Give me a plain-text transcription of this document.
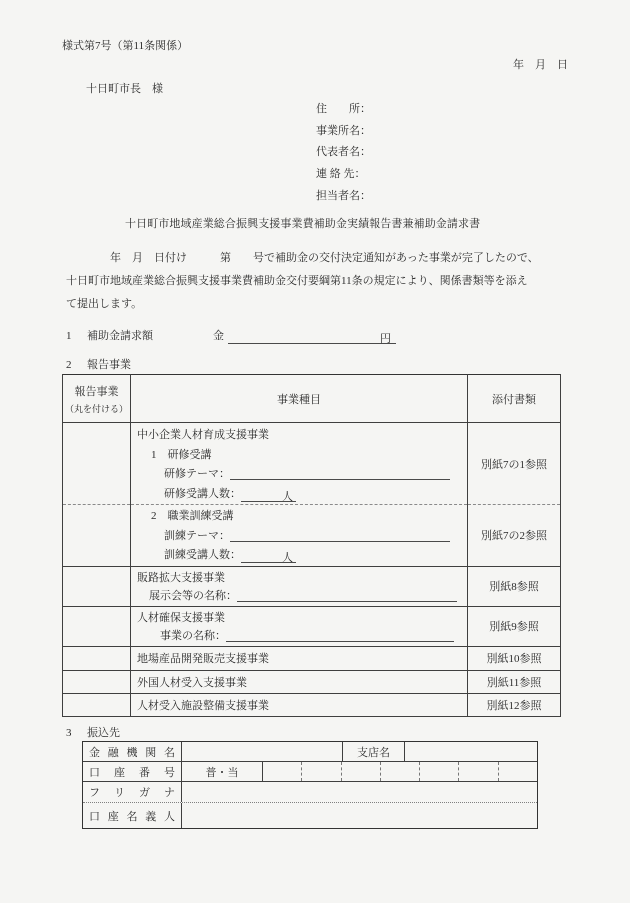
様式第7号（第11条関係）
年　月　日
十日町市長　様
住　　所：
事業所名：
代表者名：
連 絡 先：
担当者名：
十日町市地域産業総合振興支援事業費補助金実績報告書兼補助金請求書
年　月　日付け　　　第　　号で補助金の交付決定通知があった事業が完了したので、
十日町市地域産業総合振興支援事業費補助金交付要綱第11条の規定により、関係書類等を添え
て提出します。
1 補助金請求額	金	円
2 報告事業
報告事業
（丸を付ける）	事業種目	添付書類

	中小企業人材育成支援事業
1　研修受講
研修テーマ：
研修受講人数： 人	別紙7の1参照

	2　職業訓練受講
訓練テーマ：
訓練受講人数： 人	別紙7の2参照

	販路拡大支援事業
展示会等の名称：	別紙8参照

	人材確保支援事業
事業の名称：	別紙9参照

	地場産品開発販売支援事業	別紙10参照

	外国人材受入支援事業	別紙11参照

	人材受入施設整備支援事業	別紙12参照
3 振込先
金 融 機 関 名	支店名
口 座 番 号	普・当
フ リ ガ ナ
口 座 名 義 人
